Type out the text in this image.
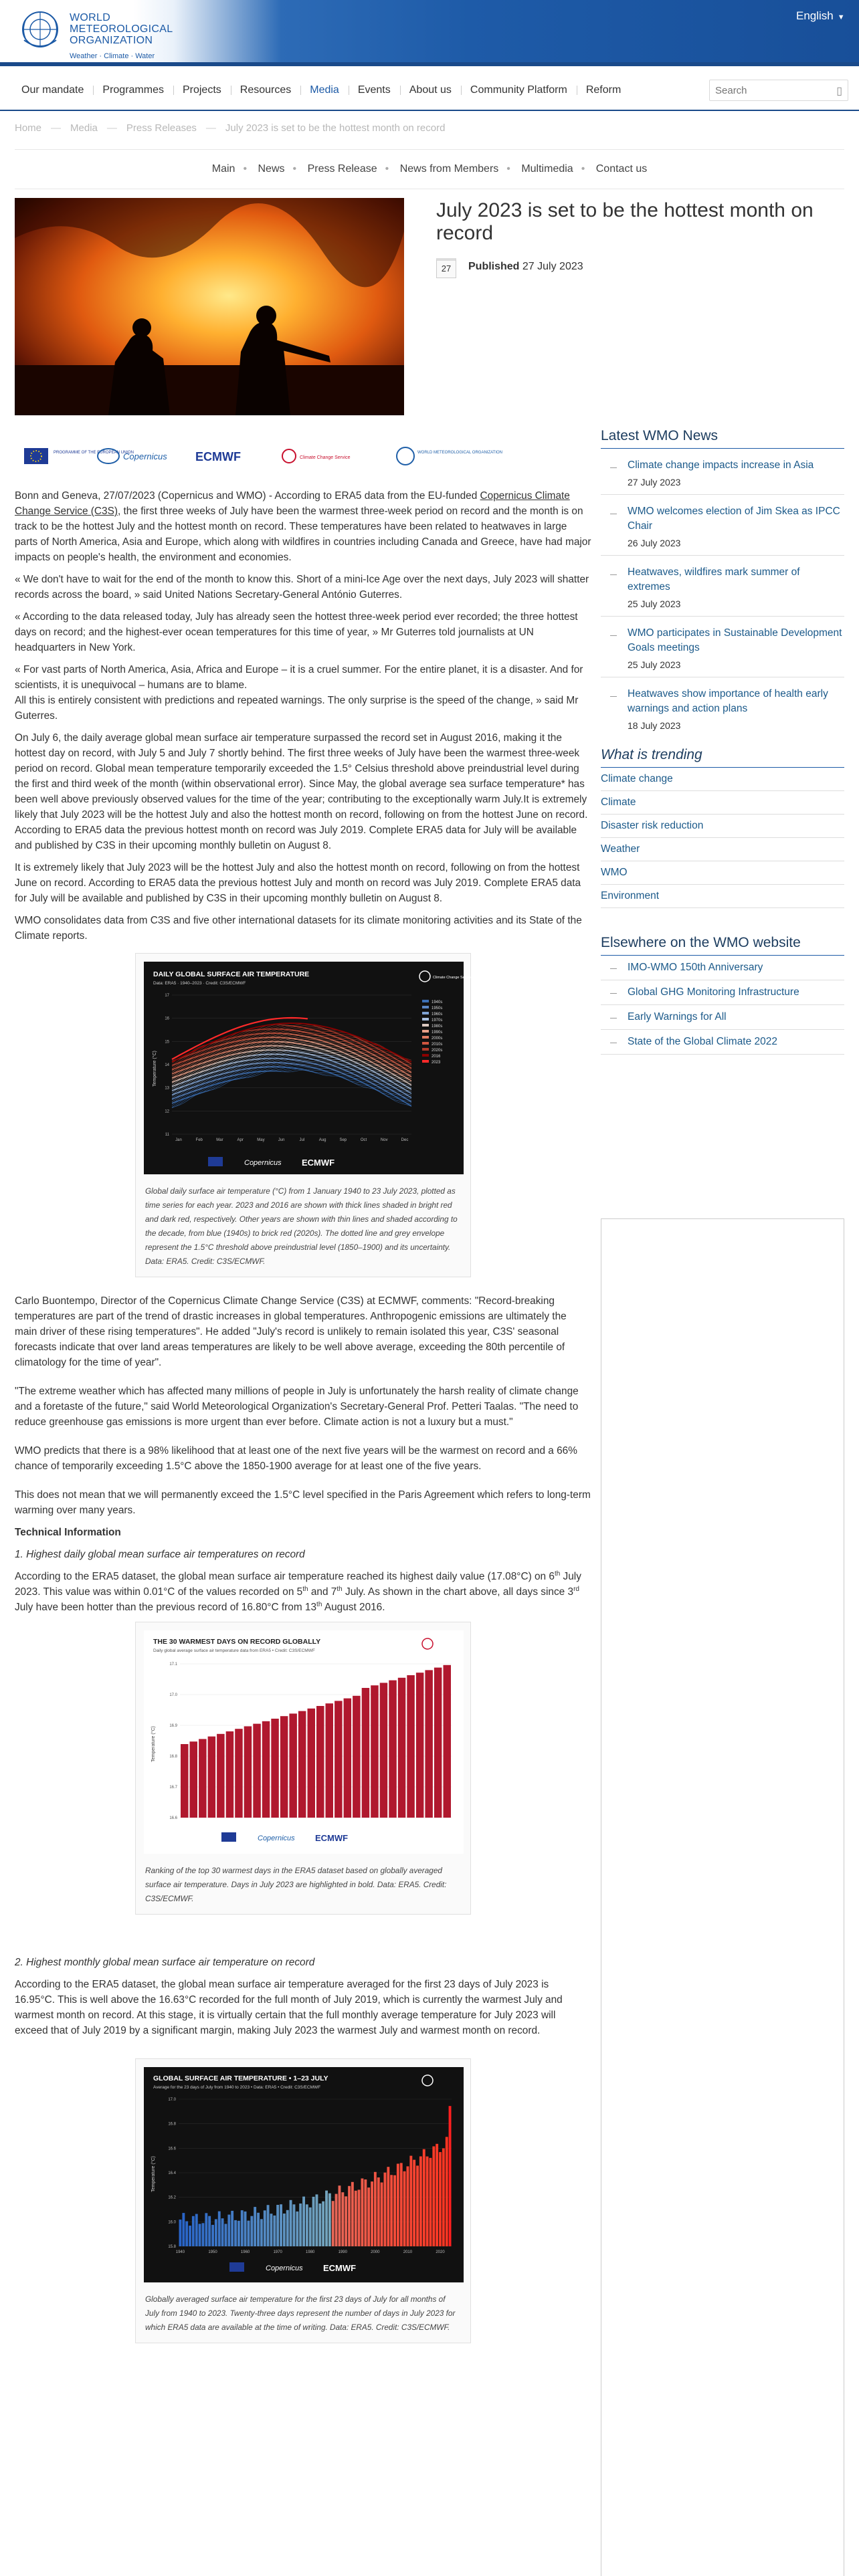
WORLD
METEOROLOGICAL
ORGANIZATION
Weather · Climate · Water
English ▼
Our mandate	Programmes	Projects	Resources	Media	Events	About us	Community Platform	Reform
Search	▯
Home — Media — Press Releases — July 2023 is set to be the hottest month on record
Main • News • Press Release • News from Members • Multimedia • Contact us
July 2023 is set to be the hottest month on record
27	Published 27 July 2023
PROGRAMME OF THE EUROPEAN UNION
Copernicus ECMWF	Climate Change Service
WORLD METEOROLOGICAL ORGANIZATION

Bonn and Geneva, 27/07/2023 (Copernicus and WMO) - According to ERA5 data from the EU-funded Copernicus Climate Change Service (C3S), the first three weeks of July have been the warmest three-week period on record and the month is on track to be the hottest July and the hottest month on record. These temperatures have been related to heatwaves in large parts of North America, Asia and Europe, which along with wildfires in countries including Canada and Greece, have had major impacts on people's health, the environment and economies.

« We don't have to wait for the end of the month to know this. Short of a mini-Ice Age over the next days, July 2023 will shatter records across the board, » said United Nations Secretary-General António Guterres.

« According to the data released today, July has already seen the hottest three-week period ever recorded; the three hottest days on record; and the highest-ever ocean temperatures for this time of year, » Mr Guterres told journalists at UN headquarters in New York.

« For vast parts of North America, Asia, Africa and Europe – it is a cruel summer. For the entire planet, it is a disaster. And for scientists, it is unequivocal – humans are to blame.
All this is entirely consistent with predictions and repeated warnings. The only surprise is the speed of the change, » said Mr Guterres.

On July 6, the daily average global mean surface air temperature surpassed the record set in August 2016, making it the hottest day on record, with July 5 and July 7 shortly behind. The first three weeks of July have been the warmest three-week period on record. Global mean temperature temporarily exceeded the 1.5° Celsius threshold above preindustrial level during the first and third week of the month (within observational error). Since May, the global average sea surface temperature* has been well above previously observed values for the time of the year; contributing to the exceptionally warm July.It is extremely likely that July 2023 will be the hottest July and also the hottest month on record, following on from the hottest June on record. According to ERA5 data the previous hottest month on record was July 2019. Complete ERA5 data for July will be available and published by C3S in their upcoming monthly bulletin on August 8.

It is extremely likely that July 2023 will be the hottest July and also the hottest month on record, following on from the hottest June on record. According to ERA5 data the previous hottest July and month on record was July 2019. Complete ERA5 data for July will be available and published by C3S in their upcoming monthly bulletin on August 8.

WMO consolidates data from C3S and five other international datasets for its climate monitoring activities and its State of the Climate reports.

DAILY GLOBAL SURFACE AIR TEMPERATURE
Data: ERA5 · 1940–2023 · Credit: C3S/ECMWF
Climate Change Service
17
16
15
14
13
12
11
Jan	Feb	Mar	Apr	May	Jun	Jul	Aug	Sep	Oct	Nov	Dec
Temperature (°C)
1940s
1950s
1960s
1970s
1980s
1990s
2000s
2010s
2020s
2016
2023
Copernicus ECMWF
Global daily surface air temperature (°C) from 1 January 1940 to 23 July 2023, plotted as time series for each year. 2023 and 2016 are shown with thick lines shaded in bright red and dark red, respectively. Other years are shown with thin lines and shaded according to the decade, from blue (1940s) to brick red (2020s). The dotted line and grey envelope represent the 1.5°C threshold above preindustrial level (1850–1900) and its uncertainty. Data: ERA5. Credit: C3S/ECMWF.

Carlo Buontempo, Director of the Copernicus Climate Change Service (C3S) at ECMWF, comments: "Record-breaking temperatures are part of the trend of drastic increases in global temperatures. Anthropogenic emissions are ultimately the main driver of these rising temperatures". He added "July's record is unlikely to remain isolated this year, C3S' seasonal forecasts indicate that over land areas temperatures are likely to be well above average, exceeding the 80th percentile of climatology for the time of year".

"The extreme weather which has affected many millions of people in July is unfortunately the harsh reality of climate change and a foretaste of the future," said World Meteorological Organization's Secretary-General Prof. Petteri Taalas. "The need to reduce greenhouse gas emissions is more urgent than ever before. Climate action is not a luxury but a must."

WMO predicts that there is a 98% likelihood that at least one of the next five years will be the warmest on record and a 66% chance of temporarily exceeding 1.5°C above the 1850-1900 average for at least one of the five years.

This does not mean that we will permanently exceed the 1.5°C level specified in the Paris Agreement which refers to long-term warming over many years.

Technical Information

1. Highest daily global mean surface air temperatures on record

According to the ERA5 dataset, the global mean surface air temperature reached its highest daily value (17.08°C) on 6th July 2023. This value was within 0.01°C of the values recorded on 5th and 7th July. As shown in the chart above, all days since 3rd July have been hotter than the previous record of 16.80°C from 13th August 2016.

THE 30 WARMEST DAYS ON RECORD GLOBALLY
Daily global average surface air temperature data from ERA5 • Credit: C3S/ECMWF
Temperature (°C)
17.1
17.0
16.9
16.8
16.7
16.6
Copernicus ECMWF
Ranking of the top 30 warmest days in the ERA5 dataset based on globally averaged surface air temperature. Days in July 2023 are highlighted in bold. Data: ERA5. Credit: C3S/ECMWF.

2. Highest monthly global mean surface air temperature on record

According to the ERA5 dataset, the global mean surface air temperature averaged for the first 23 days of July 2023 is 16.95°C. This is well above the 16.63°C recorded for the full month of July 2019, which is currently the warmest July and warmest month on record. At this stage, it is virtually certain that the full monthly average temperature for July 2023 will exceed that of July 2019 by a significant margin, making July 2023 the warmest July and warmest month on record.

GLOBAL SURFACE AIR TEMPERATURE • 1–23 JULY
Average for the 23 days of July from 1940 to 2023 • Data: ERA5 • Credit: C3S/ECMWF
Temperature (°C)
17.0
16.8
16.6
16.4
16.2
16.0
15.8
1940	1950	1960	1970	1980	1990	2000	2010	2020
Copernicus ECMWF
Globally averaged surface air temperature for the first 23 days of July for all months of July from 1940 to 2023. Twenty-three days represent the number of days in July 2023 for which ERA5 data are available at the time of writing. Data: ERA5. Credit: C3S/ECMWF.
Latest WMO News
Climate change impacts increase in Asia
27 July 2023
WMO welcomes election of Jim Skea as IPCC Chair
26 July 2023
Heatwaves, wildfires mark summer of extremes
25 July 2023
WMO participates in Sustainable Development Goals meetings
25 July 2023
Heatwaves show importance of health early warnings and action plans
18 July 2023
What is trending
Climate change
Climate
Disaster risk reduction
Weather
WMO
Environment
Elsewhere on the WMO website
IMO-WMO 150th Anniversary
Global GHG Monitoring Infrastructure
Early Warnings for All
State of the Global Climate 2022
